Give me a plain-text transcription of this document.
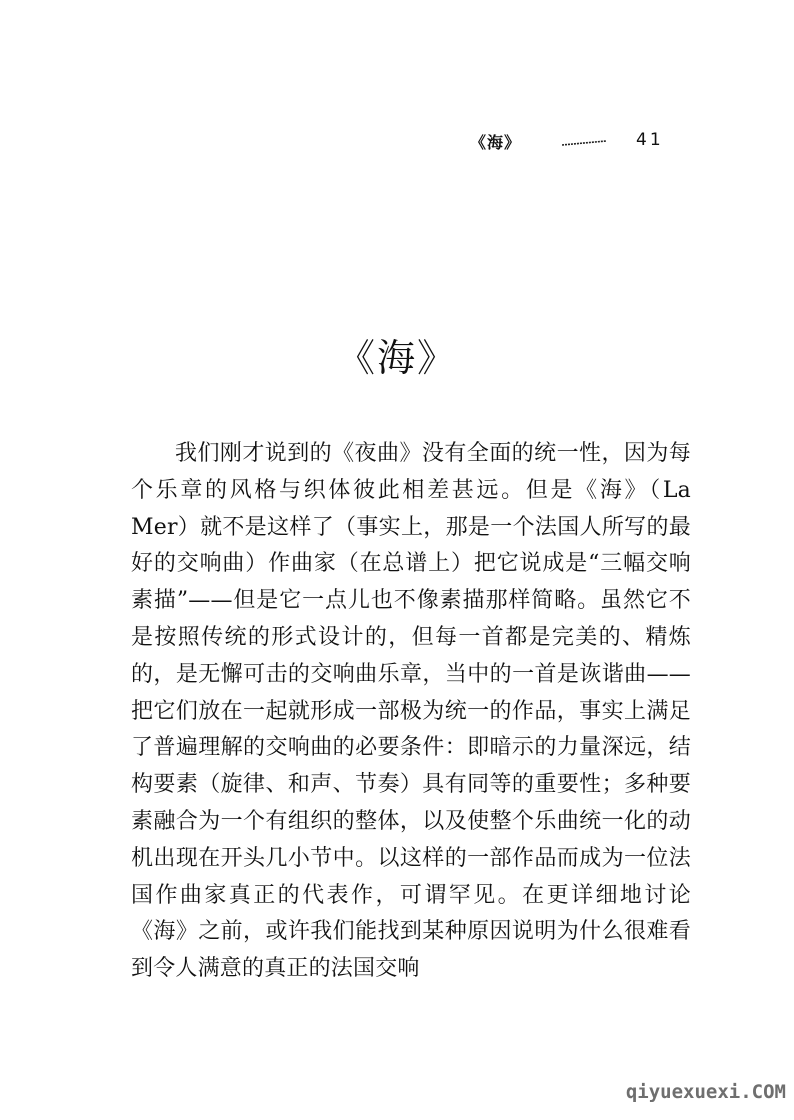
《海》	41
《海》

我们刚才说到的《夜曲》没有全面的统一性，因为每个乐章的风格与织体彼此相差甚远。但是《海》（La Mer）就不是这样了（事实上，那是一个法国人所写的最好的交响曲）作曲家（在总谱上）把它说成是“三幅交响素描”——但是它一点儿也不像素描那样简略。虽然它不是按照传统的形式设计的，但每一首都是完美的、精炼的，是无懈可击的交响曲乐章，当中的一首是诙谐曲——把它们放在一起就形成一部极为统一的作品，事实上满足了普遍理解的交响曲的必要条件：即暗示的力量深远，结构要素（旋律、和声、节奏）具有同等的重要性；多种要素融合为一个有组织的整体，以及使整个乐曲统一化的动机出现在开头几小节中。以这样的一部作品而成为一位法国作曲家真正的代表作，可谓罕见。在更详细地讨论《海》之前，或许我们能找到某种原因说明为什么很难看到令人满意的真正的法国交响

qiyuexuexi.COM
